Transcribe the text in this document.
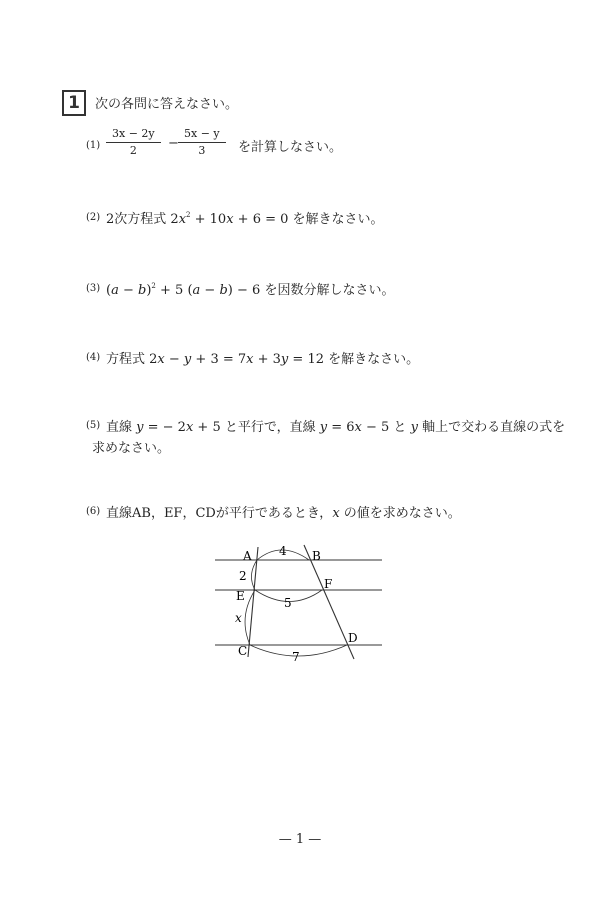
1	次の各問に答えなさい。
$(1) \frac{3x - 2y}{2} - \frac{5x - y}{3}$ を計算しなさい。
(2) 2次方程式 $2x^2 + 10x + 6 = 0$ を解きなさい。
(3) $(a - b)^2 + 5$ (a − b) − 6 を因数分解しなさい。
(4) 方程式 2x − y + 3 = 7x + 3y = 12 を解きなさい。
(5) 直線 y = − 2x + 5 と平行で，直線 y = 6x − 5 と y 軸上で交わる直線の式を
求めなさい。
(6) 直線AB，EF，CDが平行であるとき，x の値を求めなさい。
A	B
E
F
C
D
4
2
5
x
7
— 1 —
